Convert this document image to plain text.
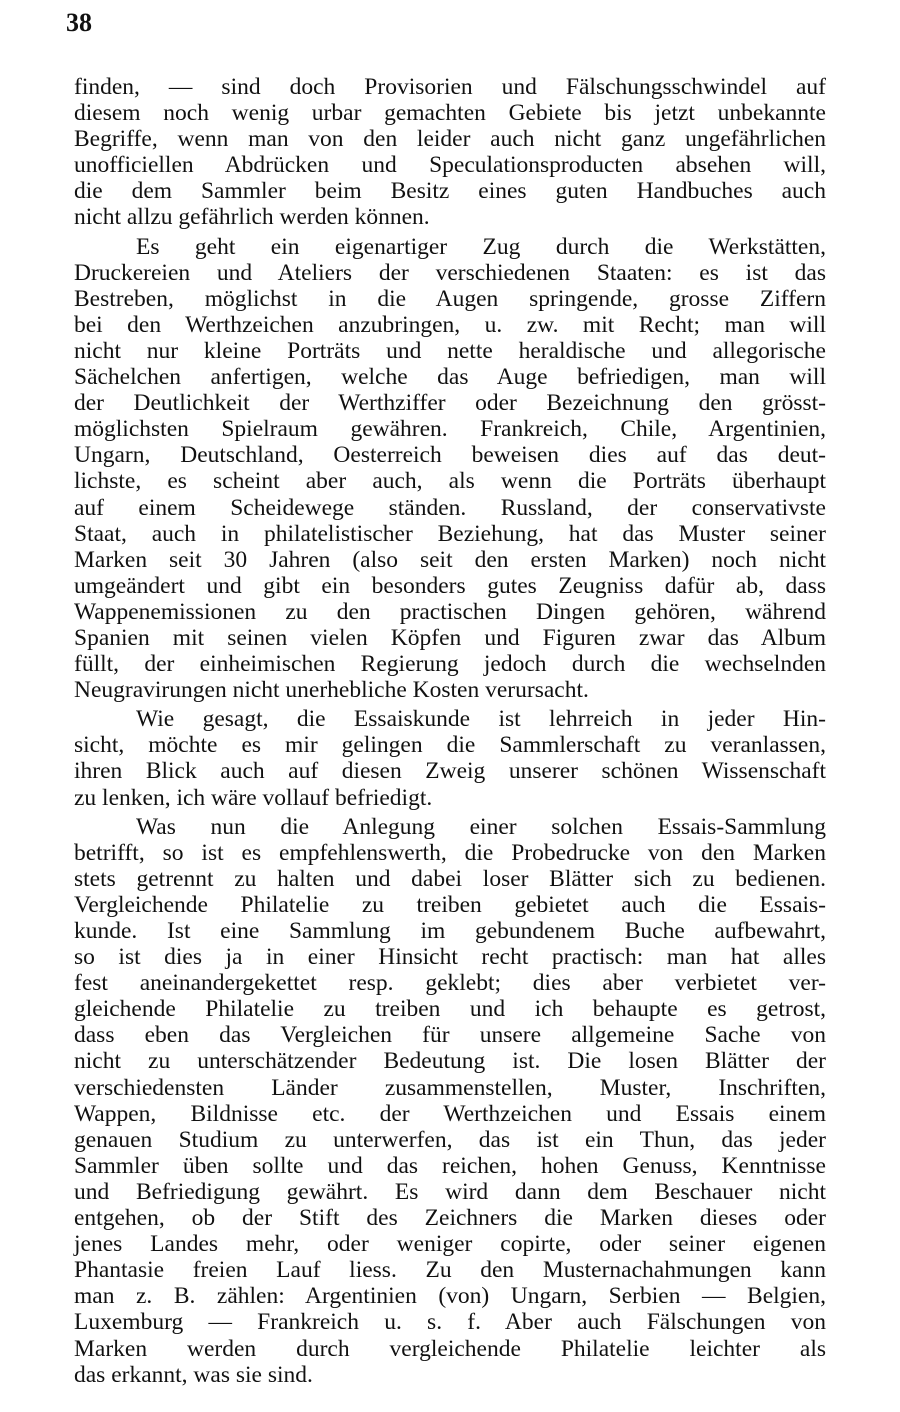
38
finden, — sind doch Provisorien und Fälschungsschwindel auf
diesem noch wenig urbar gemachten Gebiete bis jetzt unbekannte
Begriffe, wenn man von den leider auch nicht ganz ungefährlichen
unofficiellen Abdrücken und Speculationsproducten absehen will,
die dem Sammler beim Besitz eines guten Handbuches auch
nicht allzu gefährlich werden können.
Es geht ein eigenartiger Zug durch die Werkstätten,
Druckereien und Ateliers der verschiedenen Staaten: es ist das
Bestreben, möglichst in die Augen springende, grosse Ziffern
bei den Werthzeichen anzubringen, u. zw. mit Recht; man will
nicht nur kleine Porträts und nette heraldische und allegorische
Sächelchen anfertigen, welche das Auge befriedigen, man will
der Deutlichkeit der Werthziffer oder Bezeichnung den grösst-
möglichsten Spielraum gewähren. Frankreich, Chile, Argentinien,
Ungarn, Deutschland, Oesterreich beweisen dies auf das deut-
lichste, es scheint aber auch, als wenn die Porträts überhaupt
auf einem Scheidewege ständen. Russland, der conservativste
Staat, auch in philatelistischer Beziehung, hat das Muster seiner
Marken seit 30 Jahren (also seit den ersten Marken) noch nicht
umgeändert und gibt ein besonders gutes Zeugniss dafür ab, dass
Wappenemissionen zu den practischen Dingen gehören, während
Spanien mit seinen vielen Köpfen und Figuren zwar das Album
füllt, der einheimischen Regierung jedoch durch die wechselnden
Neugravirungen nicht unerhebliche Kosten verursacht.
Wie gesagt, die Essaiskunde ist lehrreich in jeder Hin-
sicht, möchte es mir gelingen die Sammlerschaft zu veranlassen,
ihren Blick auch auf diesen Zweig unserer schönen Wissenschaft
zu lenken, ich wäre vollauf befriedigt.
Was nun die Anlegung einer solchen Essais-Sammlung
betrifft, so ist es empfehlenswerth, die Probedrucke von den Marken
stets getrennt zu halten und dabei loser Blätter sich zu bedienen.
Vergleichende Philatelie zu treiben gebietet auch die Essais-
kunde. Ist eine Sammlung im gebundenem Buche aufbewahrt,
so ist dies ja in einer Hinsicht recht practisch: man hat alles
fest aneinandergekettet resp. geklebt; dies aber verbietet ver-
gleichende Philatelie zu treiben und ich behaupte es getrost,
dass eben das Vergleichen für unsere allgemeine Sache von
nicht zu unterschätzender Bedeutung ist. Die losen Blätter der
verschiedensten Länder zusammenstellen, Muster, Inschriften,
Wappen, Bildnisse etc. der Werthzeichen und Essais einem
genauen Studium zu unterwerfen, das ist ein Thun, das jeder
Sammler üben sollte und das reichen, hohen Genuss, Kenntnisse
und Befriedigung gewährt. Es wird dann dem Beschauer nicht
entgehen, ob der Stift des Zeichners die Marken dieses oder
jenes Landes mehr, oder weniger copirte, oder seiner eigenen
Phantasie freien Lauf liess. Zu den Musternachahmungen kann
man z. B. zählen: Argentinien (von) Ungarn, Serbien — Belgien,
Luxemburg — Frankreich u. s. f. Aber auch Fälschungen von
Marken werden durch vergleichende Philatelie leichter als
das erkannt, was sie sind.
